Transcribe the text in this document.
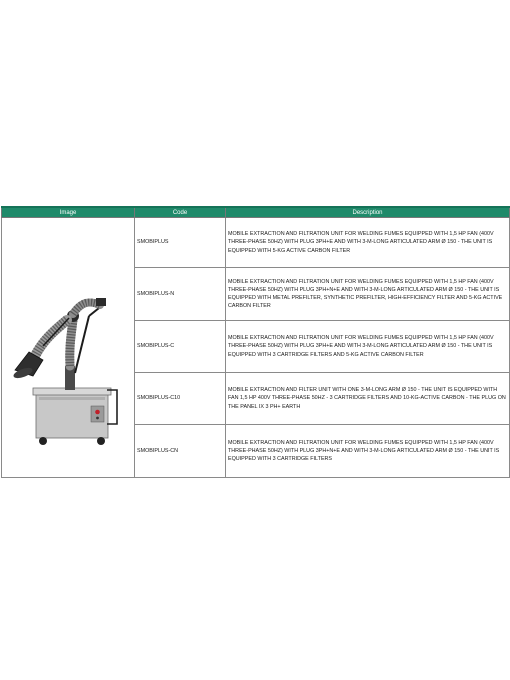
Image	Code	Description

	SMOBIPLUS	MOBILE EXTRACTION AND FILTRATION UNIT FOR WELDING FUMES EQUIPPED WITH 1,5 HP FAN (400V THREE-PHASE 50HZ) WITH PLUG 3PH+E AND WITH 3-M-LONG ARTICULATED ARM Ø 150 - THE UNIT IS EQUIPPED WITH 5-KG ACTIVE CARBON FILTER
	SMOBIPLUS-N	MOBILE EXTRACTION AND FILTRATION UNIT FOR WELDING FUMES EQUIPPED WITH 1,5 HP FAN (400V THREE-PHASE 50HZ) WITH PLUG 3PH+N+E AND WITH 3-M-LONG ARTICULATED ARM Ø 150 - THE UNIT IS EQUIPPED WITH METAL PREFILTER, SYNTHETIC PREFILTER, HIGH-EFFICIENCY FILTER AND 5-KG ACTIVE CARBON FILTER
	SMOBIPLUS-C	MOBILE EXTRACTION AND FILTRATION UNIT FOR WELDING FUMES EQUIPPED WITH 1,5 HP FAN (400V THREE-PHASE 50HZ) WITH PLUG 3PH+E AND WITH 3-M-LONG ARTICULATED ARM Ø 150 - THE UNIT IS EQUIPPED WITH 3 CARTRIDGE FILTERS AND 5-KG ACTIVE CARBON FILTER
	SMOBIPLUS-C10	MOBILE EXTRACTION AND FILTER UNIT WITH ONE 3-M-LONG ARM Ø 150 - THE UNIT IS EQUIPPED WITH FAN 1,5 HP 400V THREE-PHASE 50HZ - 3 CARTRIDGE FILTERS AND 10-KG-ACTIVE CARBON - THE PLUG ON THE PANEL IX 3 PH+ EARTH
	SMOBIPLUS-CN	MOBILE EXTRACTION AND FILTRATION UNIT FOR WELDING FUMES EQUIPPED WITH 1,5 HP FAN (400V THREE-PHASE 50HZ) WITH PLUG 3PH+N+E AND WITH 3-M-LONG ARTICULATED ARM Ø 150 - THE UNIT IS EQUIPPED WITH 3 CARTRIDGE FILTERS
